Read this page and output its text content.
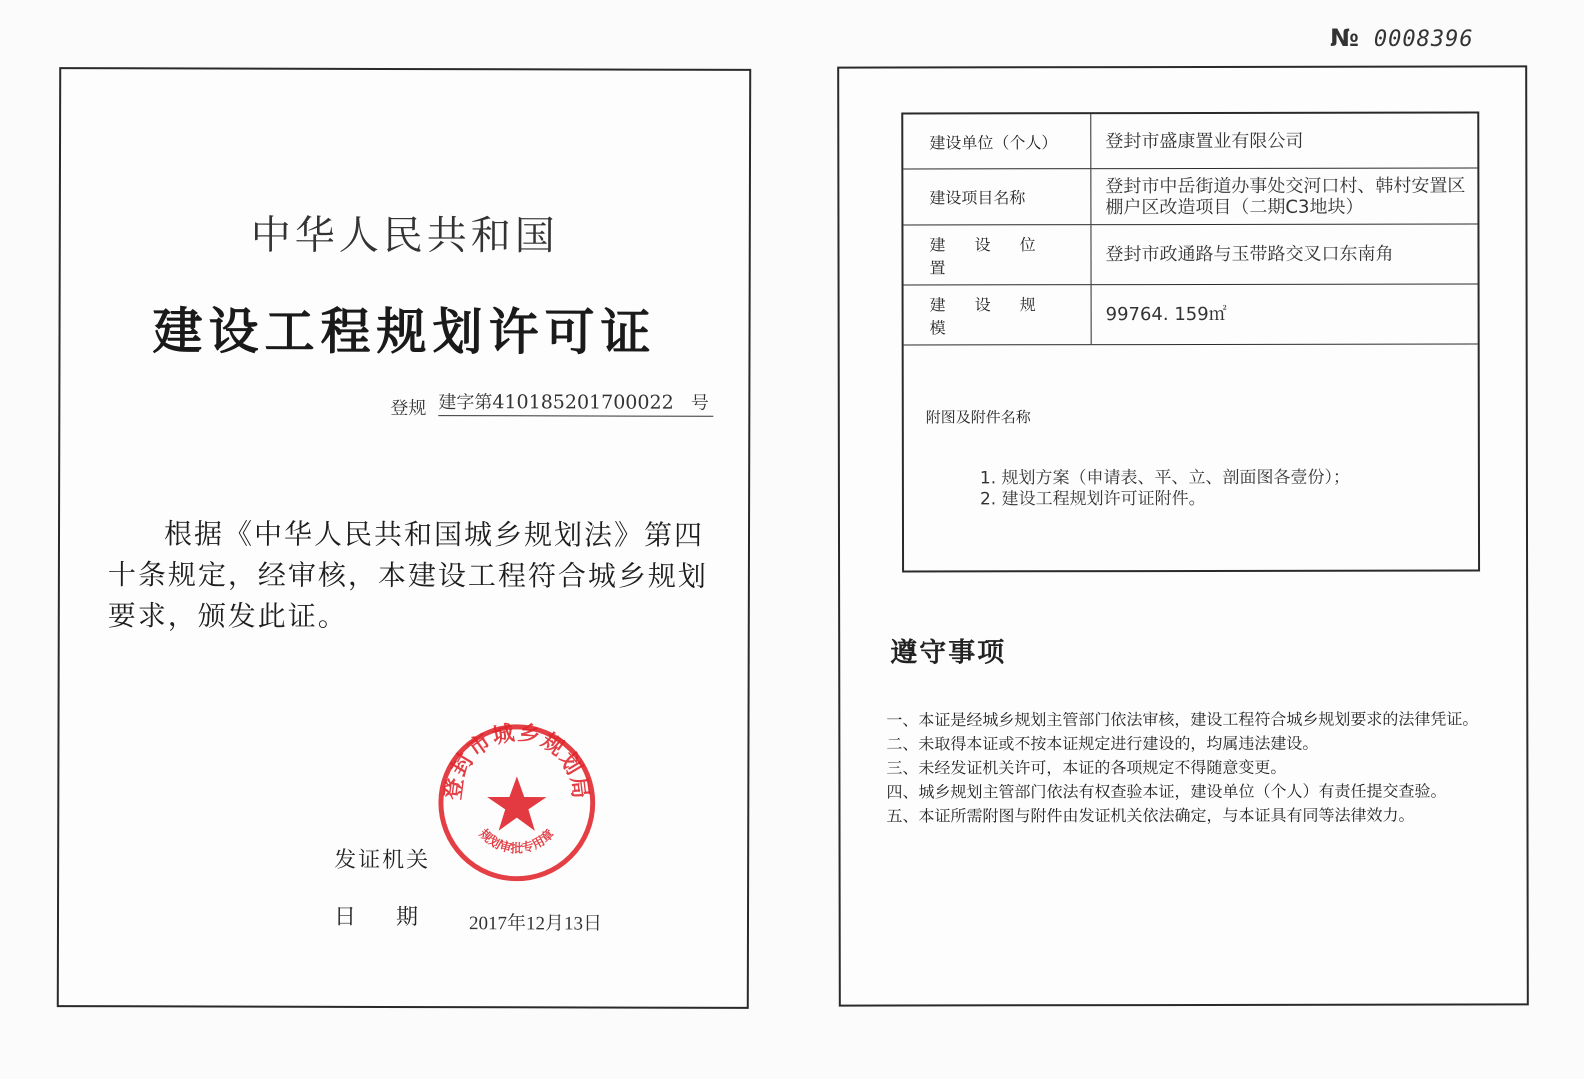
№ 0008396
中华人民共和国
建设工程规划许可证
登规 建字第410185201700022 号
根据《中华人民共和国城乡规划法》第四十条规定，经审核，本建设工程符合城乡规划要求，颁发此证。
登封市城乡规划局
规划审批专用章
发证机关
日 期	2017年12月13日
建设单位（个人）	登封市盛康置业有限公司
建设项目名称
登封市中岳街道办事处交河口村、韩村安置区棚户区改造项目（二期C3地块）
建 设 位 置
登封市政通路与玉带路交叉口东南角
建 设 规 模
99764. 159㎡
附图及附件名称
1. 规划方案（申请表、平、立、剖面图各壹份）；
2. 建设工程规划许可证附件。
遵守事项

一、本证是经城乡规划主管部门依法审核，建设工程符合城乡规划要求的法律凭证。

二、未取得本证或不按本证规定进行建设的，均属违法建设。

三、未经发证机关许可，本证的各项规定不得随意变更。

四、城乡规划主管部门依法有权查验本证，建设单位（个人）有责任提交查验。

五、本证所需附图与附件由发证机关依法确定，与本证具有同等法律效力。
